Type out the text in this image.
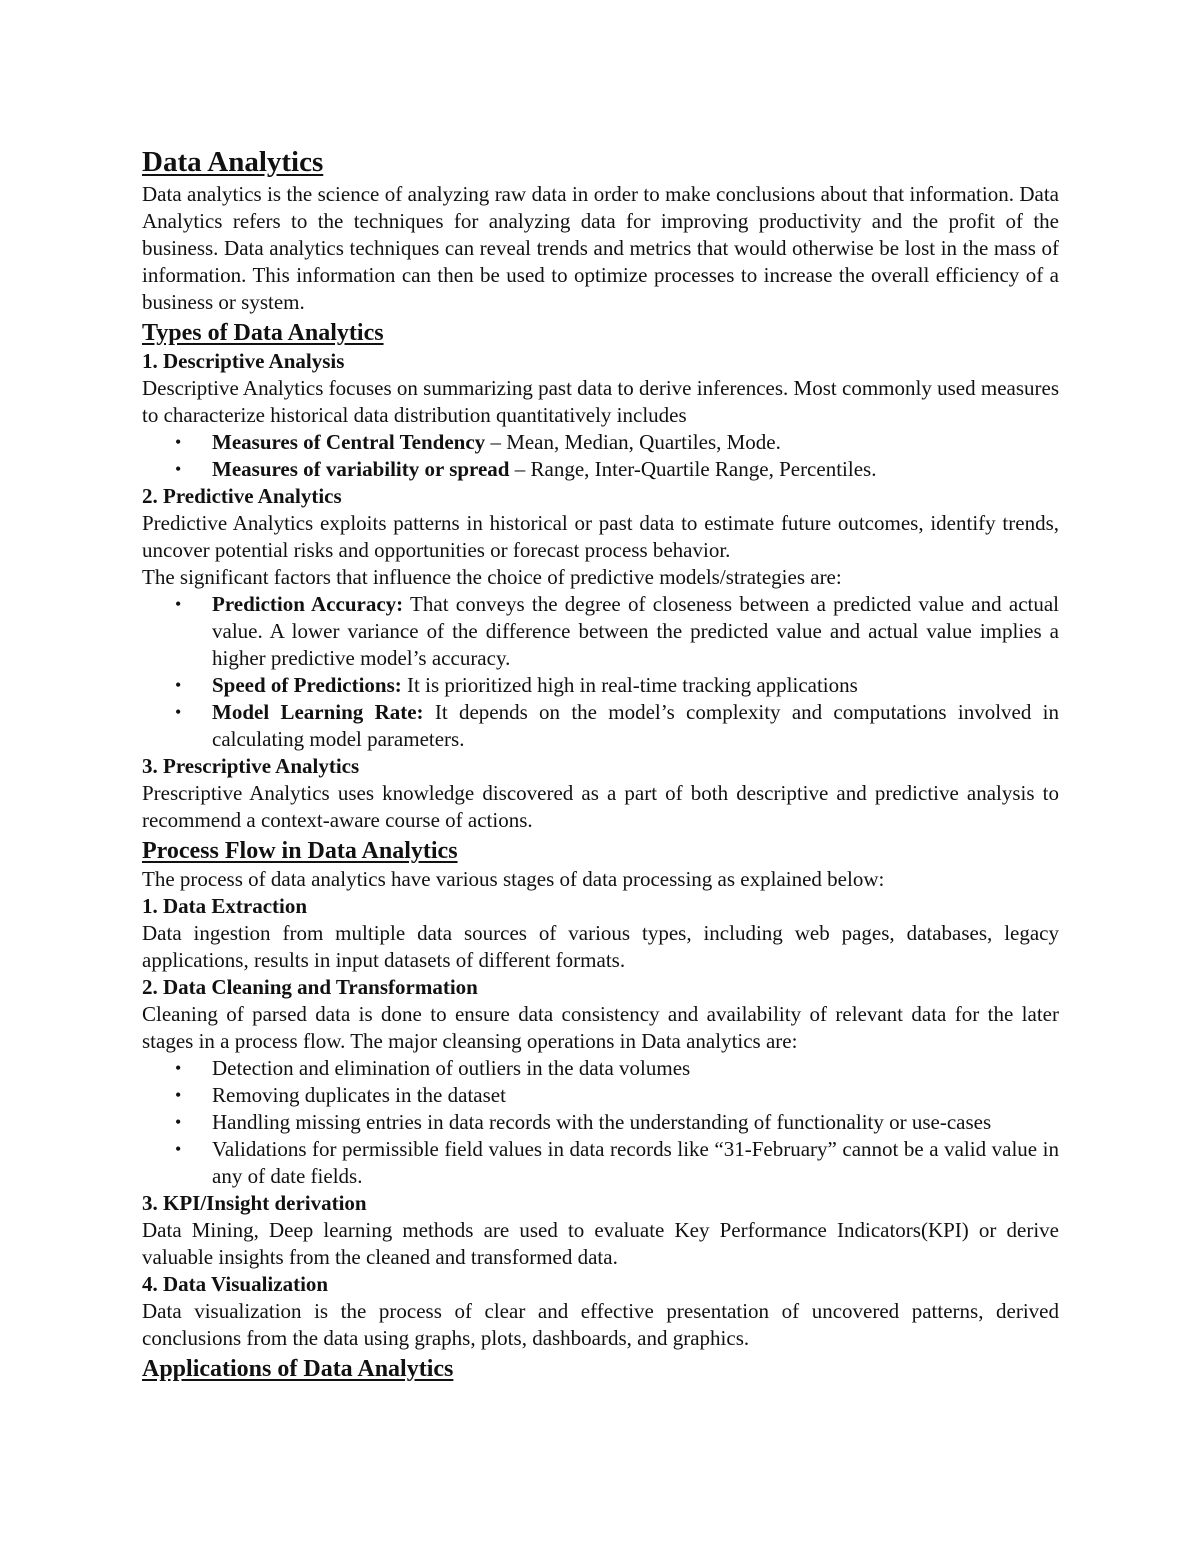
Data Analytics

Data analytics is the science of analyzing raw data in order to make conclusions about that information. Data Analytics refers to the techniques for analyzing data for improving productivity and the profit of the business. Data analytics techniques can reveal trends and metrics that would otherwise be lost in the mass of information. This information can then be used to optimize processes to increase the overall efficiency of a business or system.

Types of Data Analytics
1. Descriptive Analysis

Descriptive Analytics focuses on summarizing past data to derive inferences. Most commonly used measures to characterize historical data distribution quantitatively includes

• Measures of Central Tendency – Mean, Median, Quartiles, Mode.
• Measures of variability or spread – Range, Inter-Quartile Range, Percentiles.
2. Predictive Analytics

Predictive Analytics exploits patterns in historical or past data to estimate future outcomes, identify trends, uncover potential risks and opportunities or forecast process behavior.

The significant factors that influence the choice of predictive models/strategies are:

• Prediction Accuracy: That conveys the degree of closeness between a predicted value and actual value. A lower variance of the difference between the predicted value and actual value implies a higher predictive model’s accuracy.
• Speed of Predictions: It is prioritized high in real-time tracking applications
• Model Learning Rate: It depends on the model’s complexity and computations involved in calculating model parameters.
3. Prescriptive Analytics

Prescriptive Analytics uses knowledge discovered as a part of both descriptive and predictive analysis to recommend a context-aware course of actions.

Process Flow in Data Analytics

The process of data analytics have various stages of data processing as explained below:

1. Data Extraction

Data ingestion from multiple data sources of various types, including web pages, databases, legacy applications, results in input datasets of different formats.

2. Data Cleaning and Transformation

Cleaning of parsed data is done to ensure data consistency and availability of relevant data for the later stages in a process flow. The major cleansing operations in Data analytics are:

• Detection and elimination of outliers in the data volumes
• Removing duplicates in the dataset
• Handling missing entries in data records with the understanding of functionality or use-cases
• Validations for permissible field values in data records like “31-February” cannot be a valid value in any of date fields.
3. KPI/Insight derivation

Data Mining, Deep learning methods are used to evaluate Key Performance Indicators(KPI) or derive valuable insights from the cleaned and transformed data.

4. Data Visualization

Data visualization is the process of clear and effective presentation of uncovered patterns, derived conclusions from the data using graphs, plots, dashboards, and graphics.

Applications of Data Analytics
